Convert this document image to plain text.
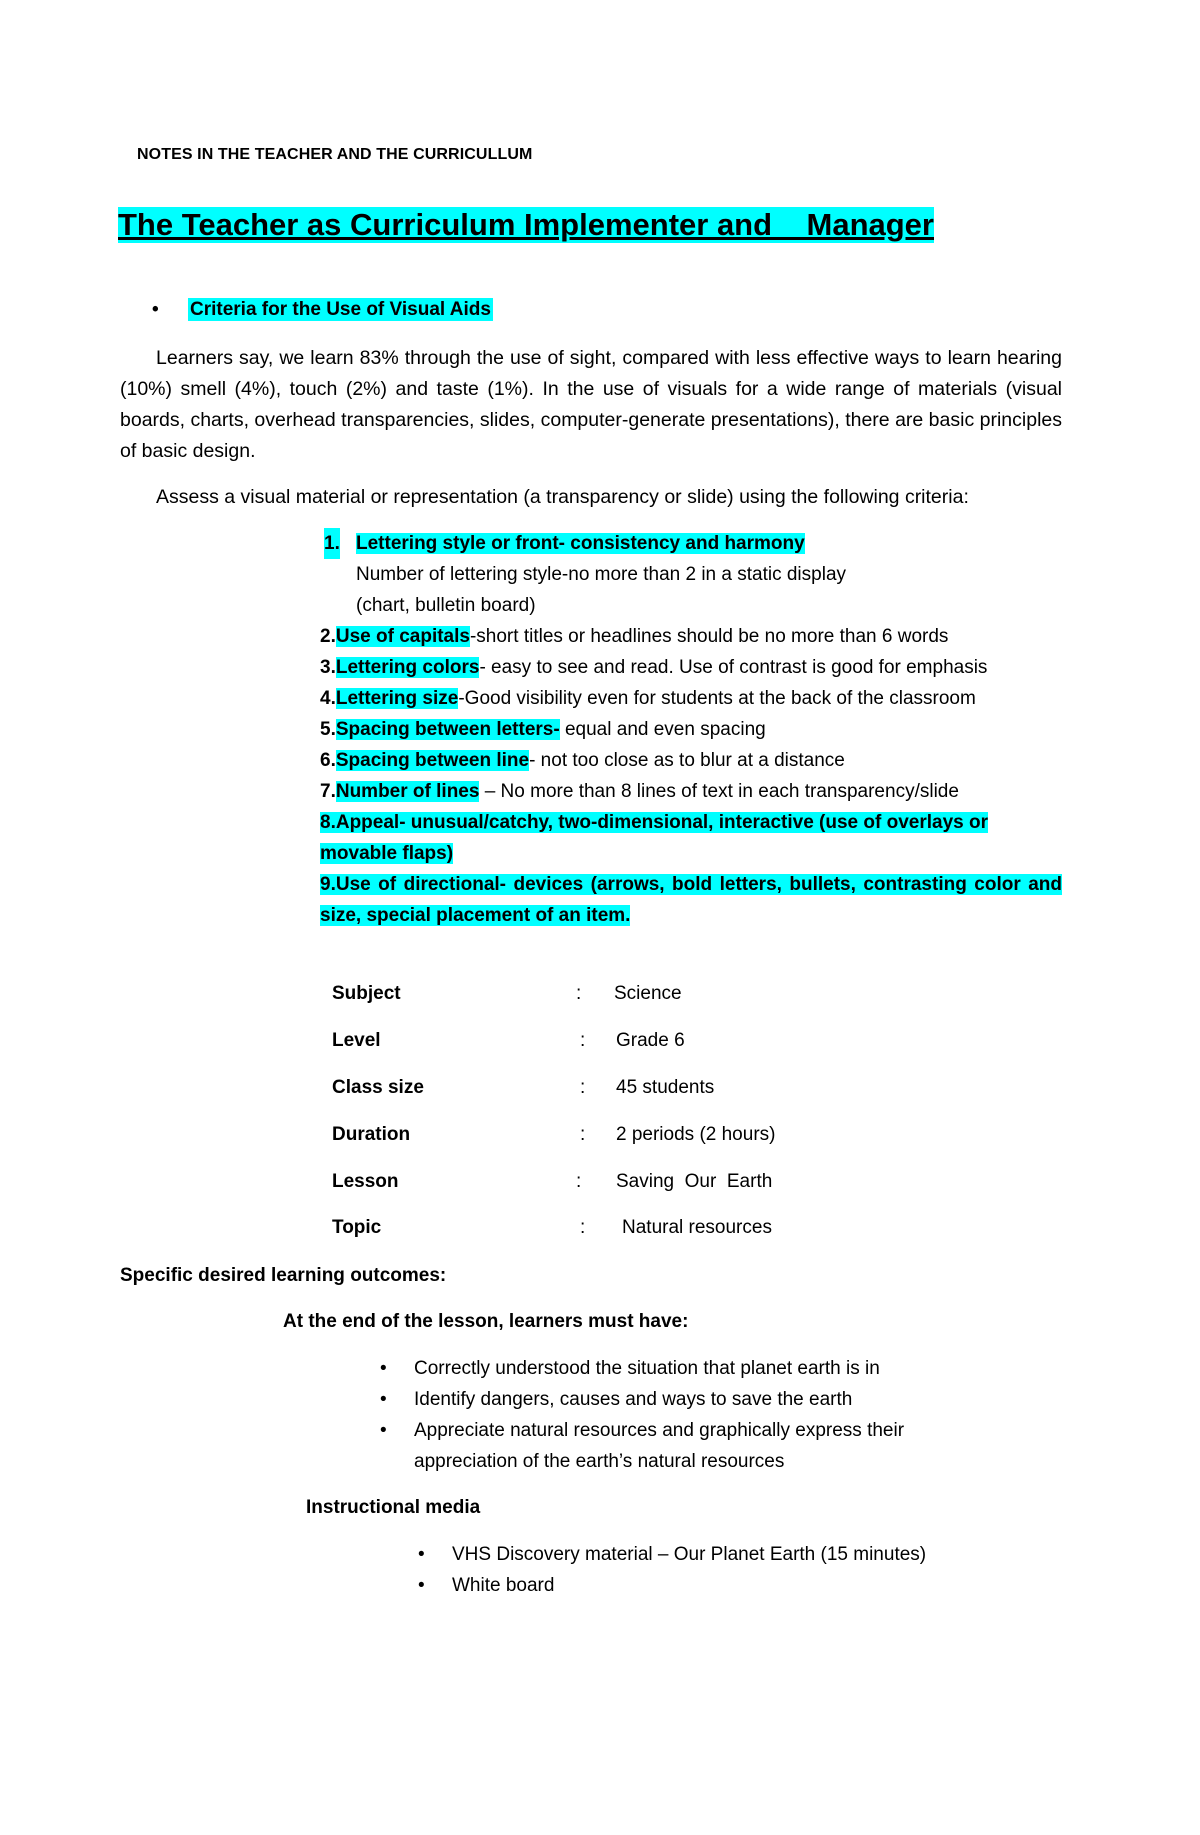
NOTES IN THE TEACHER AND THE CURRICULLUM
The Teacher as Curriculum Implementer and    Manager
• Criteria for the Use of Visual Aids

Learners say, we learn 83% through the use of sight, compared with less effective ways to learn hearing (10%) smell (4%), touch (2%) and taste (1%). In the use of visuals for a wide range of materials (visual boards, charts, overhead transparencies, slides, computer-generate presentations), there are basic principles of basic design.

Assess a visual material or representation (a transparency or slide) using the following criteria:
1. Lettering style or front- consistency and harmony
Number of lettering style-no more than 2 in a static display (chart, bulletin board)
2.Use of capitals-short titles or headlines should be no more than 6 words
3.Lettering colors- easy to see and read. Use of contrast is good for emphasis
4.Lettering size-Good visibility even for students at the back of the classroom
5.Spacing between letters- equal and even spacing
6.Spacing between line- not too close as to blur at a distance
7.Number of lines – No more than 8 lines of text in each transparency/slide
8.Appeal- unusual/catchy, two-dimensional, interactive (use of overlays or movable flaps)
9.Use of directional- devices (arrows, bold letters, bullets, contrasting color and size, special placement of an item.
Subject	: Science
Level	: Grade 6
Class size	: 45 students
Duration	: 2 periods (2 hours)
Lesson	: Saving  Our  Earth
Topic	: Natural resources
Specific desired learning outcomes:
At the end of the lesson, learners must have:
• Correctly understood the situation that planet earth is in
• Identify dangers, causes and ways to save the earth
• Appreciate natural resources and graphically express their appreciation of the earth’s natural resources
Instructional media
• VHS Discovery material – Our Planet Earth (15 minutes)
• White board
